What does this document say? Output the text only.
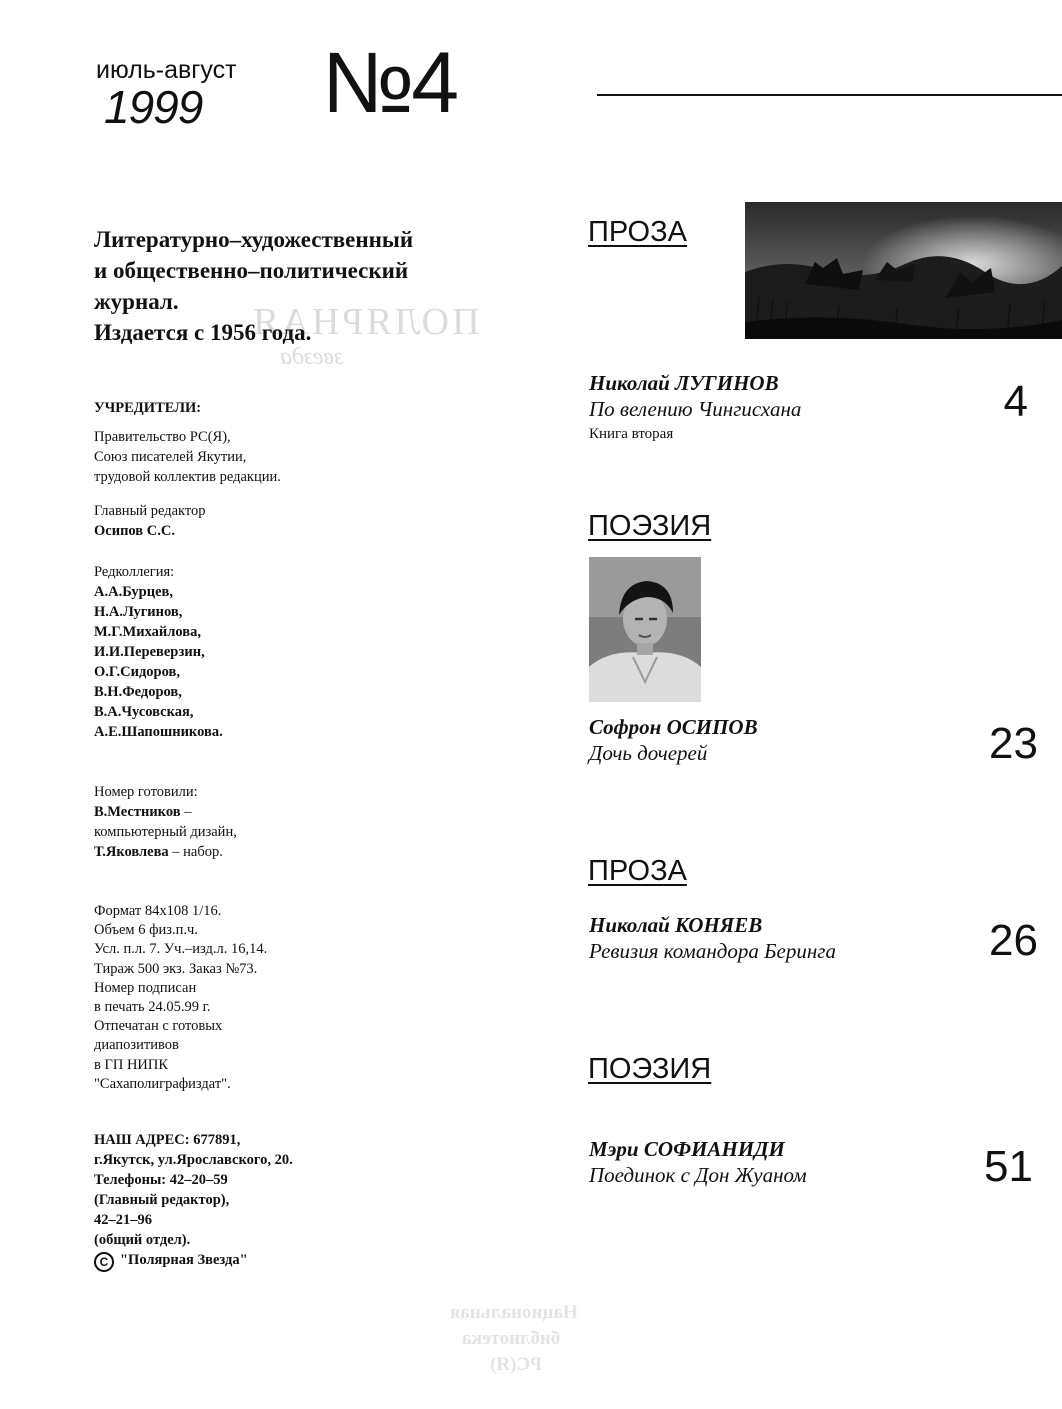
июль-август
1999 №4
ПОЛЯРНАЯ
звезда
Литературно–художественный
и общественно–политический
журнал.
Издается с 1956 года.
УЧРЕДИТЕЛИ:
Правительство РС(Я),
Союз писателей Якутии,
трудовой коллектив редакции.
Главный редактор
Осипов С.С.
Редколлегия:
А.А.Бурцев,
Н.А.Лугинов,
М.Г.Михайлова,
И.И.Переверзин,
О.Г.Сидоров,
В.Н.Федоров,
В.А.Чусовская,
А.Е.Шапошникова.
Номер готовили:
В.Местников –
компьютерный дизайн,
Т.Яковлева – набор.
Формат 84х108 1/16.
Объем 6 физ.п.ч.
Усл. п.л. 7. Уч.–изд.л. 16,14.
Тираж 500 экз. Заказ №73.
Номер подписан
в печать 24.05.99 г.
Отпечатан с готовых
диапозитивов
в ГП НИПК
"Сахаполиграфиздат".
НАШ АДРЕС: 677891,
г.Якутск, ул.Ярославского, 20.
Телефоны: 42–20–59
(Главный редактор),
42–21–96
(общий отдел).
C "Полярная Звезда"
ПРОЗА
Николай ЛУГИНОВ
По велению Чингисхана
Книга вторая
4
ПОЭЗИЯ
Софрон ОСИПОВ
Дочь дочерей	23
ПРОЗА
Николай КОНЯЕВ
Ревизия командора Беринга	26
ПОЭЗИЯ
Мэри СОФИАНИДИ
Поединок с Дон Жуаном	51
Национальная
библиотека
РС(Я)
